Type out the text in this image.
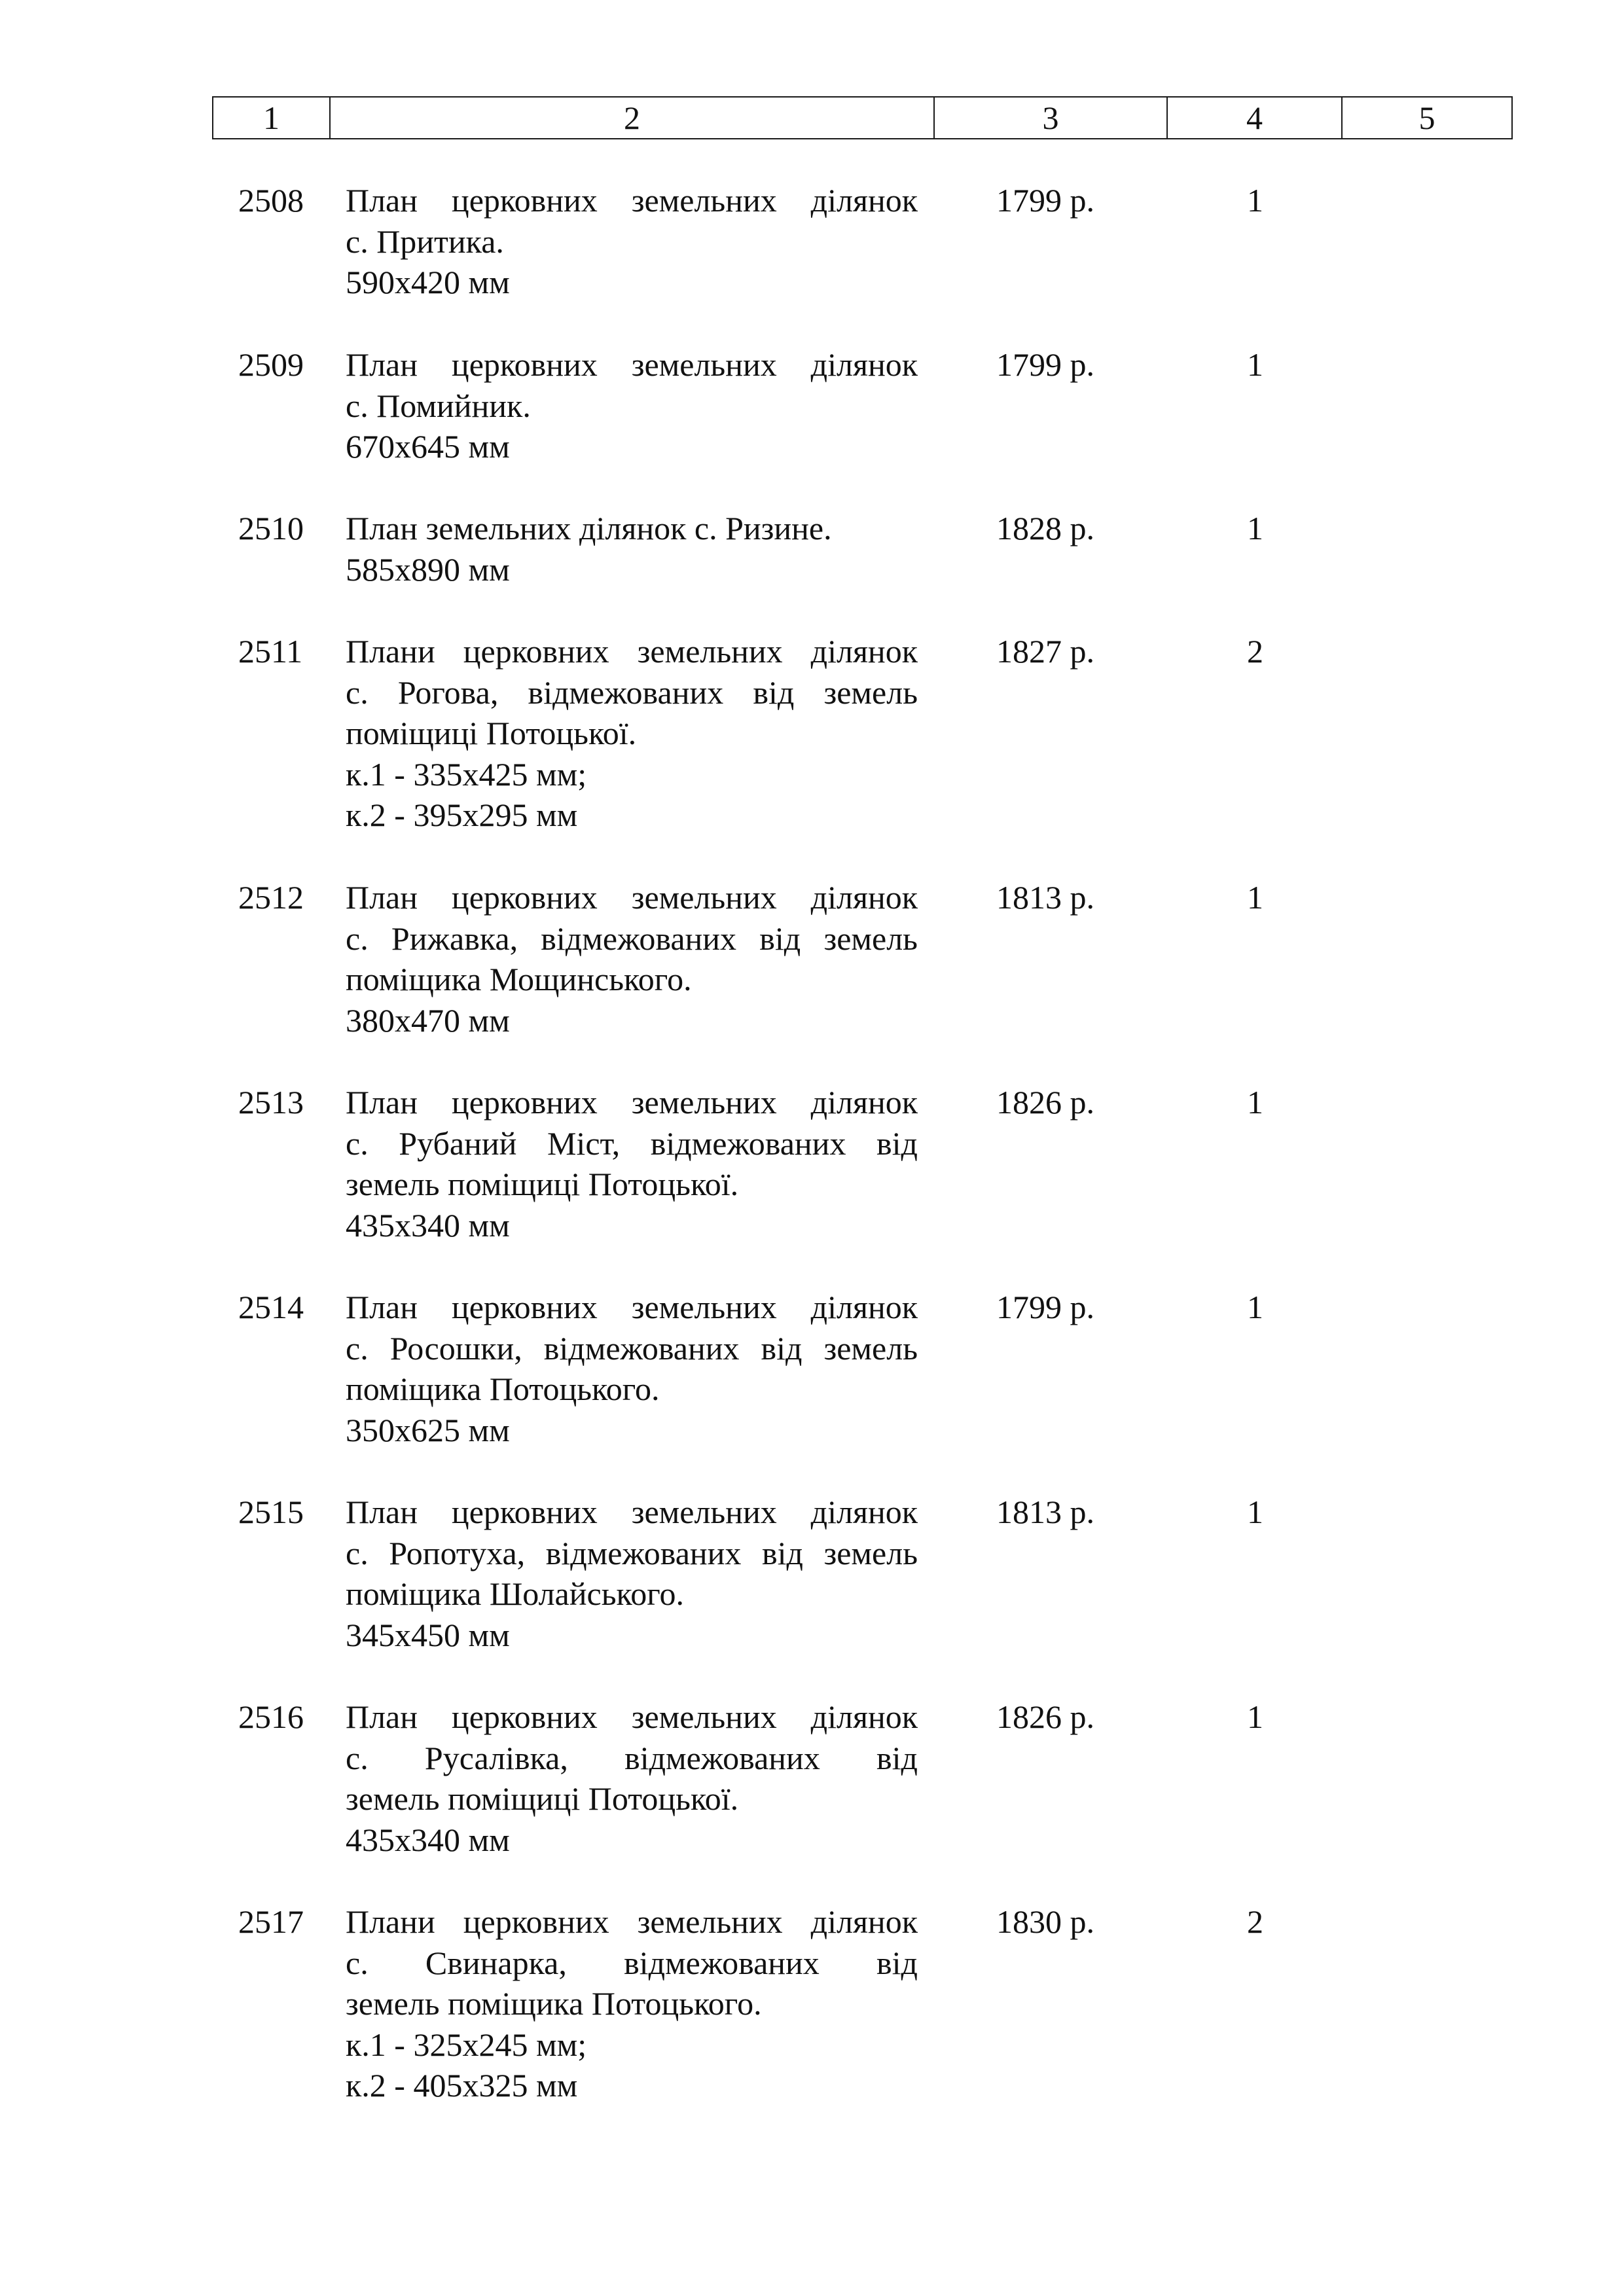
1	2	3	4	5
2508 План церковних земельних ділянок
с. Притика.
590х420 мм
1799 р.	1
2509 План церковних земельних ділянок
с. Помийник.
670х645 мм
1799 р.	1
2510 План земельних ділянок с. Ризине.
585х890 мм
1828 р.	1
2511 Плани церковних земельних ділянок
с. Рогова, відмежованих від земель
поміщиці Потоцької.
к.1 - 335х425 мм;
к.2 - 395х295 мм
1827 р.	2
2512 План церковних земельних ділянок
с. Рижавка, відмежованих від земель
поміщика Мощинського.
380х470 мм
1813 р.	1
2513 План церковних земельних ділянок
с. Рубаний Міст, відмежованих від
земель поміщиці Потоцької.
435х340 мм
1826 р.	1
2514 План церковних земельних ділянок
с. Росошки, відмежованих від земель
поміщика Потоцького.
350х625 мм
1799 р.	1
2515 План церковних земельних ділянок
с. Ропотуха, відмежованих від земель
поміщика Шолайського.
345х450 мм
1813 р.	1
2516 План церковних земельних ділянок
с. Русалівка, відмежованих від
земель поміщиці Потоцької.
435х340 мм
1826 р.	1
2517 Плани церковних земельних ділянок
с. Свинарка, відмежованих від
земель поміщика Потоцького.
к.1 - 325х245 мм;
к.2 - 405х325 мм
1830 р.	2
